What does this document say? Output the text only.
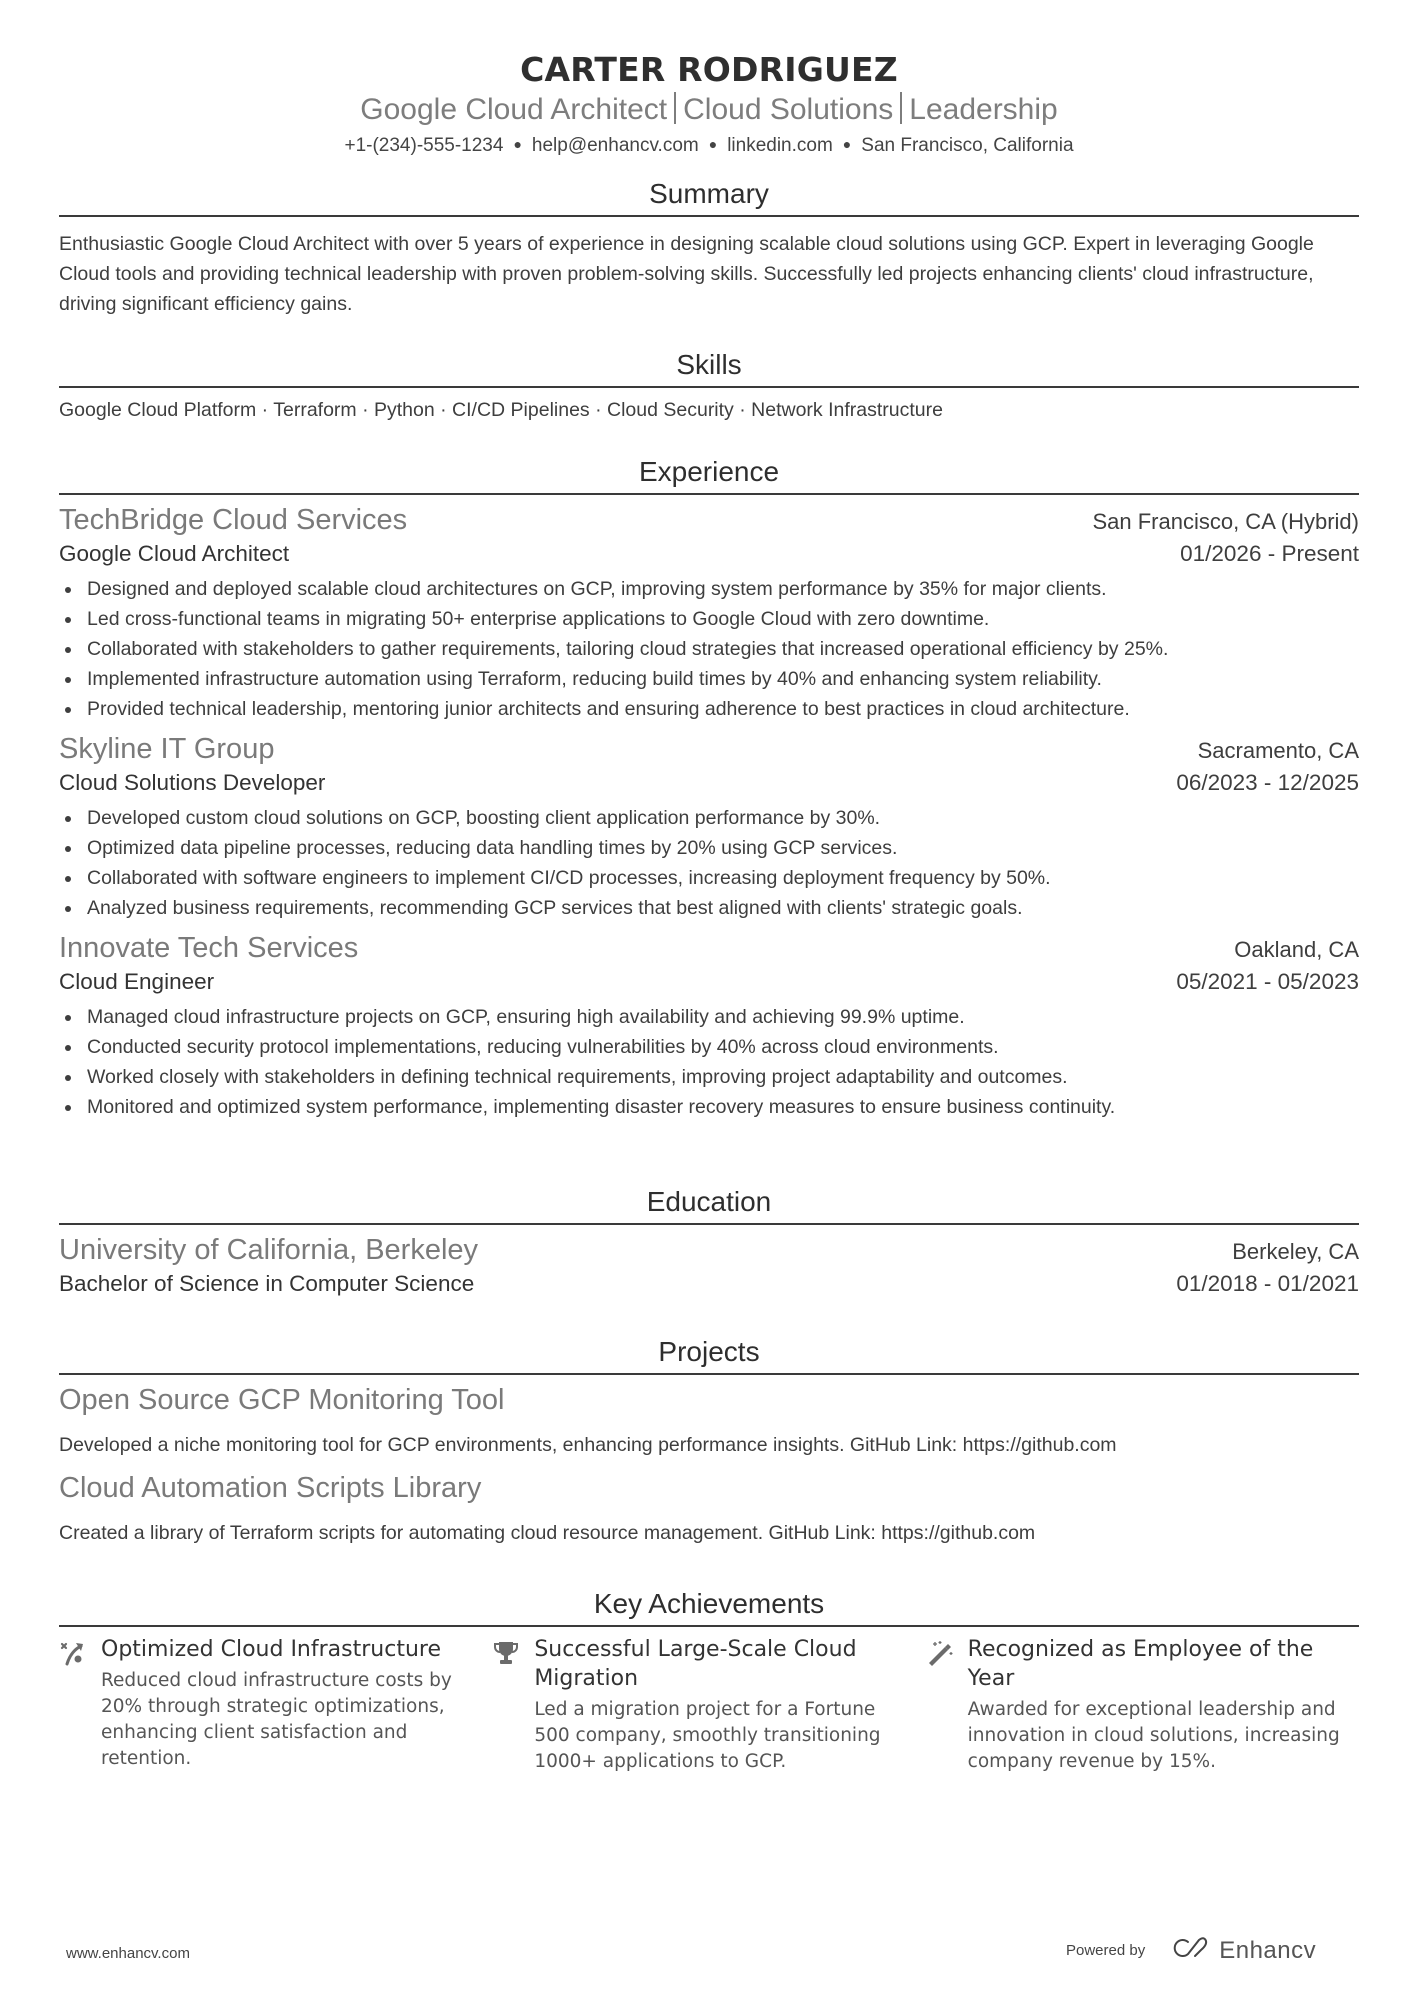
CARTER RODRIGUEZ
Google Cloud Architect Cloud Solutions Leadership
+1-(234)-555-1234 ● help@enhancv.com ● linkedin.com ● San Francisco, California
Summary
Enthusiastic Google Cloud Architect with over 5 years of experience in designing scalable cloud solutions using GCP. Expert in leveraging Google Cloud tools and providing technical leadership with proven problem-solving skills. Successfully led projects enhancing clients' cloud infrastructure, driving significant efficiency gains.
Skills
Google Cloud Platform · Terraform · Python · CI/CD Pipelines · Cloud Security · Network Infrastructure
Experience
TechBridge Cloud Services	San Francisco, CA (Hybrid)
Google Cloud Architect	01/2026 - Present
Designed and deployed scalable cloud architectures on GCP, improving system performance by 35% for major clients.
Led cross-functional teams in migrating 50+ enterprise applications to Google Cloud with zero downtime.
Collaborated with stakeholders to gather requirements, tailoring cloud strategies that increased operational efficiency by 25%.
Implemented infrastructure automation using Terraform, reducing build times by 40% and enhancing system reliability.
Provided technical leadership, mentoring junior architects and ensuring adherence to best practices in cloud architecture.
Skyline IT Group	Sacramento, CA
Cloud Solutions Developer	06/2023 - 12/2025
Developed custom cloud solutions on GCP, boosting client application performance by 30%.
Optimized data pipeline processes, reducing data handling times by 20% using GCP services.
Collaborated with software engineers to implement CI/CD processes, increasing deployment frequency by 50%.
Analyzed business requirements, recommending GCP services that best aligned with clients' strategic goals.
Innovate Tech Services	Oakland, CA
Cloud Engineer	05/2021 - 05/2023
Managed cloud infrastructure projects on GCP, ensuring high availability and achieving 99.9% uptime.
Conducted security protocol implementations, reducing vulnerabilities by 40% across cloud environments.
Worked closely with stakeholders in defining technical requirements, improving project adaptability and outcomes.
Monitored and optimized system performance, implementing disaster recovery measures to ensure business continuity.
Education
University of California, Berkeley	Berkeley, CA
Bachelor of Science in Computer Science	01/2018 - 01/2021
Projects
Open Source GCP Monitoring Tool
Developed a niche monitoring tool for GCP environments, enhancing performance insights. GitHub Link: https://github.com
Cloud Automation Scripts Library
Created a library of Terraform scripts for automating cloud resource management. GitHub Link: https://github.com
Key Achievements
Optimized Cloud Infrastructure
Reduced cloud infrastructure costs by 20% through strategic optimizations, enhancing client satisfaction and retention.
Successful Large-Scale Cloud Migration
Led a migration project for a Fortune 500 company, smoothly transitioning 1000+ applications to GCP.
Recognized as Employee of the Year
Awarded for exceptional leadership and innovation in cloud solutions, increasing company revenue by 15%.
www.enhancv.com	Powered by	Enhancv
